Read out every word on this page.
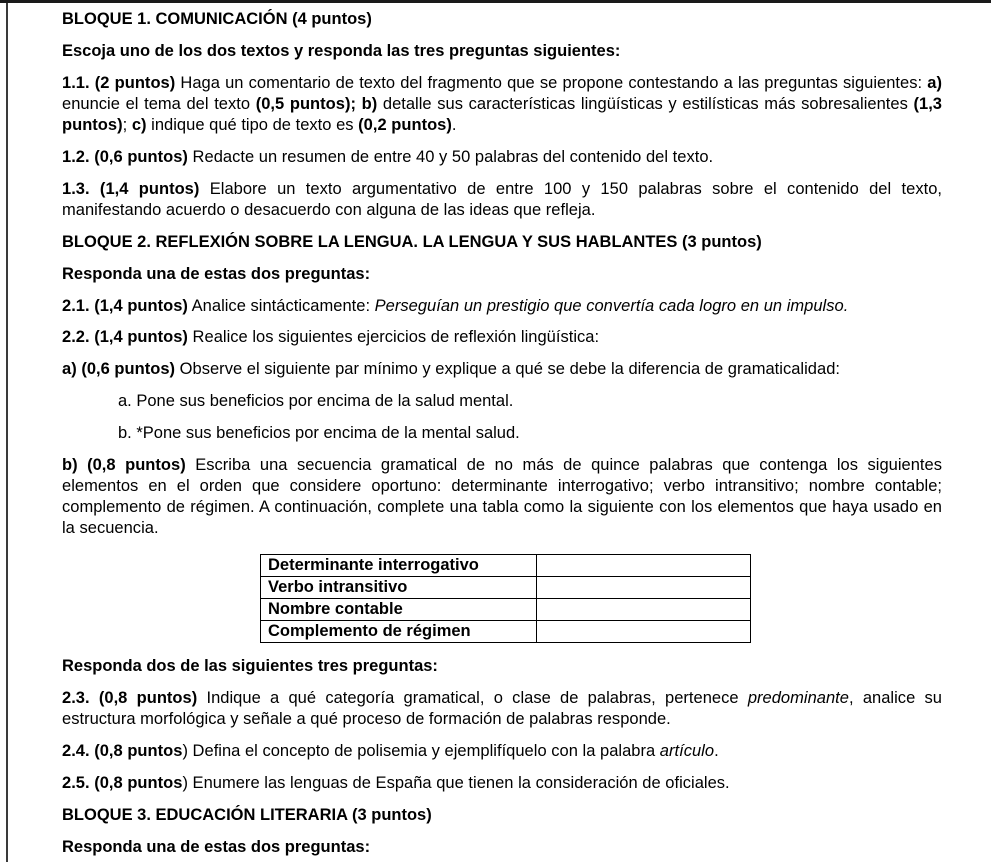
BLOQUE 1. COMUNICACIÓN (4 puntos)
Escoja uno de los dos textos y responda las tres preguntas siguientes:

1.1. (2 puntos) Haga un comentario de texto del fragmento que se propone contestando a las preguntas siguientes: a) enuncie el tema del texto (0,5 puntos); b) detalle sus características lingüísticas y estilísticas más sobresalientes (1,3 puntos); c) indique qué tipo de texto es (0,2 puntos).

1.2. (0,6 puntos) Redacte un resumen de entre 40 y 50 palabras del contenido del texto.

1.3. (1,4 puntos) Elabore un texto argumentativo de entre 100 y 150 palabras sobre el contenido del texto, manifestando acuerdo o desacuerdo con alguna de las ideas que refleja.

BLOQUE 2. REFLEXIÓN SOBRE LA LENGUA. LA LENGUA Y SUS HABLANTES (3 puntos)
Responda una de estas dos preguntas:

2.1. (1,4 puntos) Analice sintácticamente: Perseguían un prestigio que convertía cada logro en un impulso.

2.2. (1,4 puntos) Realice los siguientes ejercicios de reflexión lingüística:

a) (0,6 puntos) Observe el siguiente par mínimo y explique a qué se debe la diferencia de gramaticalidad:

a. Pone sus beneficios por encima de la salud mental.
b. *Pone sus beneficios por encima de la mental salud.

b) (0,8 puntos) Escriba una secuencia gramatical de no más de quince palabras que contenga los siguientes elementos en el orden que considere oportuno: determinante interrogativo; verbo intransitivo; nombre contable; complemento de régimen. A continuación, complete una tabla como la siguiente con los elementos que haya usado en la secuencia.

Determinante interrogativo	
Verbo intransitivo	
Nombre contable	
Complemento de régimen	
Responda dos de las siguientes tres preguntas:

2.3. (0,8 puntos) Indique a qué categoría gramatical, o clase de palabras, pertenece predominante, analice su estructura morfológica y señale a qué proceso de formación de palabras responde.

2.4. (0,8 puntos) Defina el concepto de polisemia y ejemplifíquelo con la palabra artículo.

2.5. (0,8 puntos) Enumere las lenguas de España que tienen la consideración de oficiales.

BLOQUE 3. EDUCACIÓN LITERARIA (3 puntos)
Responda una de estas dos preguntas:
